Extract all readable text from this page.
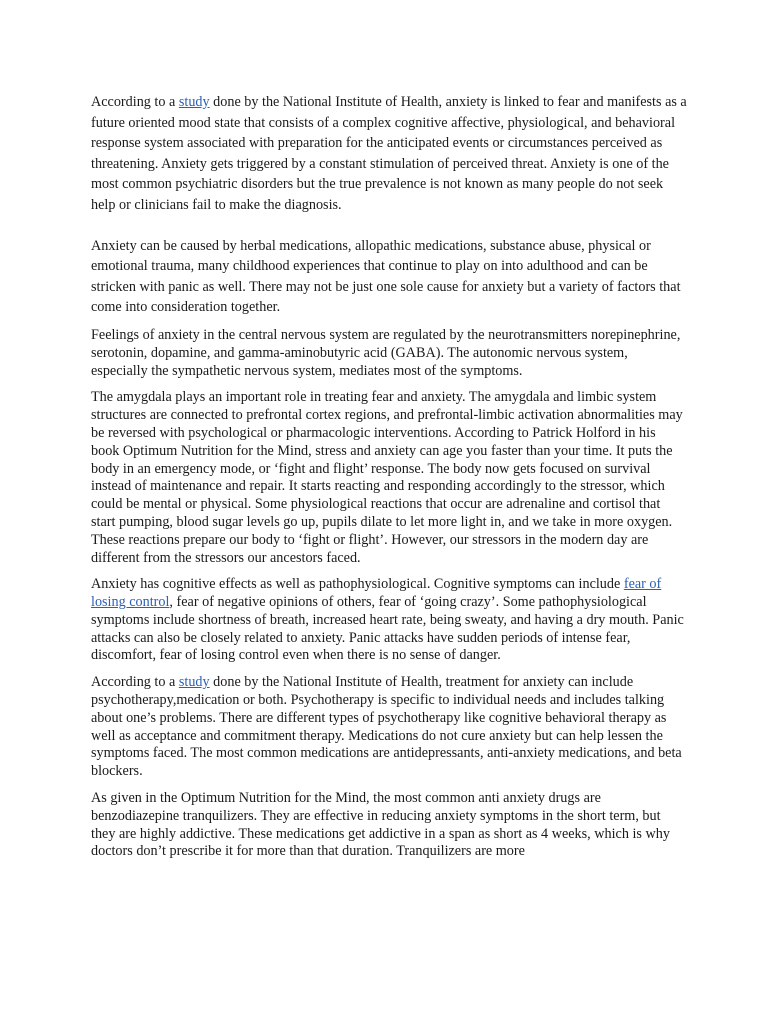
According to a study done by the National Institute of Health, anxiety is linked to fear and manifests as a future oriented mood state that consists of a complex cognitive affective, physiological, and behavioral response system associated with preparation for the anticipated events or circumstances perceived as threatening. Anxiety gets triggered by a constant stimulation of perceived threat. Anxiety is one of the most common psychiatric disorders but the true prevalence is not known as many people do not seek help or clinicians fail to make the diagnosis.

Anxiety can be caused by herbal medications, allopathic medications, substance abuse, physical or emotional trauma, many childhood experiences that continue to play on into adulthood and can be stricken with panic as well. There may not be just one sole cause for anxiety but a variety of factors that come into consideration together.

Feelings of anxiety in the central nervous system are regulated by the neurotransmitters norepinephrine, serotonin, dopamine, and gamma-aminobutyric acid (GABA). The autonomic nervous system, especially the sympathetic nervous system, mediates most of the symptoms.

The amygdala plays an important role in treating fear and anxiety. The amygdala and limbic system structures are connected to prefrontal cortex regions, and prefrontal-limbic activation abnormalities may be reversed with psychological or pharmacologic interventions. According to Patrick Holford in his book Optimum Nutrition for the Mind, stress and anxiety can age you faster than your time. It puts the body in an emergency mode, or ‘fight and flight’ response. The body now gets focused on survival instead of maintenance and repair. It starts reacting and responding accordingly to the stressor, which could be mental or physical. Some physiological reactions that occur are adrenaline and cortisol that start pumping, blood sugar levels go up, pupils dilate to let more light in, and we take in more oxygen. These reactions prepare our body to ‘fight or flight’. However, our stressors in the modern day are different from the stressors our ancestors faced.

Anxiety has cognitive effects as well as pathophysiological. Cognitive symptoms can include fear of losing control, fear of negative opinions of others, fear of ‘going crazy’. Some pathophysiological symptoms include shortness of breath, increased heart rate, being sweaty, and having a dry mouth. Panic attacks can also be closely related to anxiety. Panic attacks have sudden periods of intense fear, discomfort, fear of losing control even when there is no sense of danger.

According to a study done by the National Institute of Health, treatment for anxiety can include psychotherapy,medication or both. Psychotherapy is specific to individual needs and includes talking about one’s problems. There are different types of psychotherapy like cognitive behavioral therapy as well as acceptance and commitment therapy. Medications do not cure anxiety but can help lessen the symptoms faced. The most common medications are antidepressants, anti-anxiety medications, and beta blockers.

As given in the Optimum Nutrition for the Mind, the most common anti anxiety drugs are benzodiazepine tranquilizers. They are effective in reducing anxiety symptoms in the short term, but they are highly addictive. These medications get addictive in a span as short as 4 weeks, which is why doctors don’t prescribe it for more than that duration. Tranquilizers are more
